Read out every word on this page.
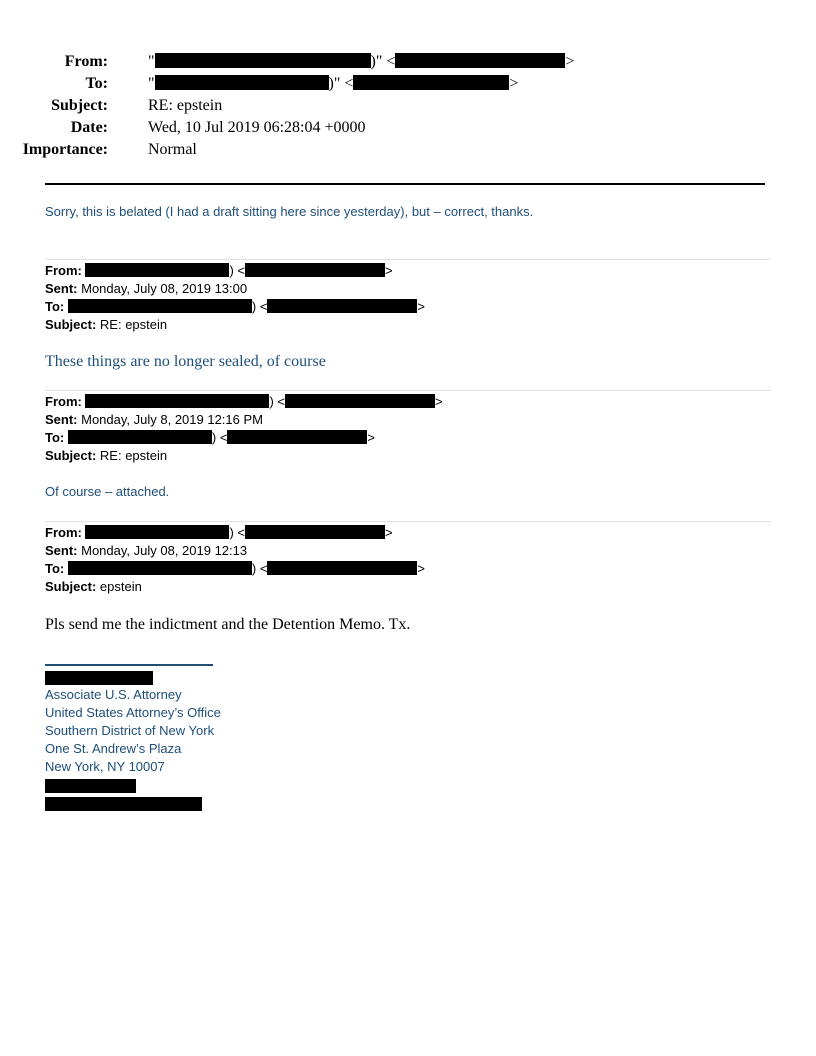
From:	"	)" <	>
To:	"	)" <	>
Subject:	RE: epstein
Date:	Wed, 10 Jul 2019 06:28:04 +0000
Importance:	Normal
Sorry, this is belated (I had a draft sitting here since yesterday), but – correct, thanks.
From:	) <	>
Sent: Monday, July 08, 2019 13:00
To:	) <	>
Subject: RE: epstein
These things are no longer sealed, of course
From:	) <	>
Sent: Monday, July 8, 2019 12:16 PM
To:	) <	>
Subject: RE: epstein
Of course – attached.
From:	) <	>
Sent: Monday, July 08, 2019 12:13
To:	) <	>
Subject: epstein
Pls send me the indictment and the Detention Memo. Tx.
Associate U.S. Attorney
United States Attorney’s Office
Southern District of New York
One St. Andrew’s Plaza
New York, NY 10007
